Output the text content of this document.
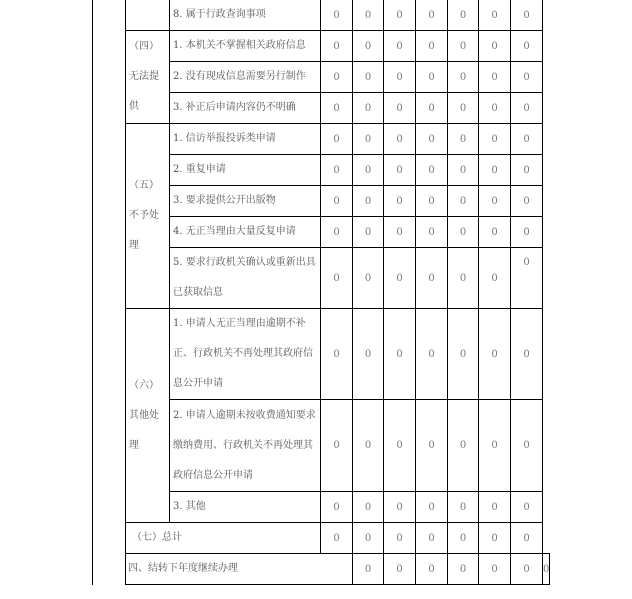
		8. 属于行政查询事项	0	0	0	0	0	0	0	

	（四）
无法提
供	1. 本机关不掌握相关政府信息	0	0	0	0	0	0	0	
		2. 没有现成信息需要另行制作	0	0	0	0	0	0	0	
		3. 补正后申请内容仍不明确	0	0	0	0	0	0	0	

	（五）
不予处
理	1. 信访举报投诉类申请	0	0	0	0	0	0	0	
		2. 重复申请	0	0	0	0	0	0	0	
		3. 要求提供公开出版物	0	0	0	0	0	0	0	
		4. 无正当理由大量反复申请	0	0	0	0	0	0	0	
		5. 要求行政机关确认或重新出具已获取信息	0	0	0	0	0	0	0	

	（六）
其他处
理	1. 申请人无正当理由逾期不补正、行政机关不再处理其政府信息公开申请	0	0	0	0	0	0	0	
		2. 申请人逾期未按收费通知要求缴纳费用、行政机关不再处理其政府信息公开申请	0	0	0	0	0	0	0	
		3. 其他	0	0	0	0	0	0	0	
	（七）总计		0	0	0	0	0	0	0	
	四、结转下年度继续办理			0	0	0	0	0	0	0
